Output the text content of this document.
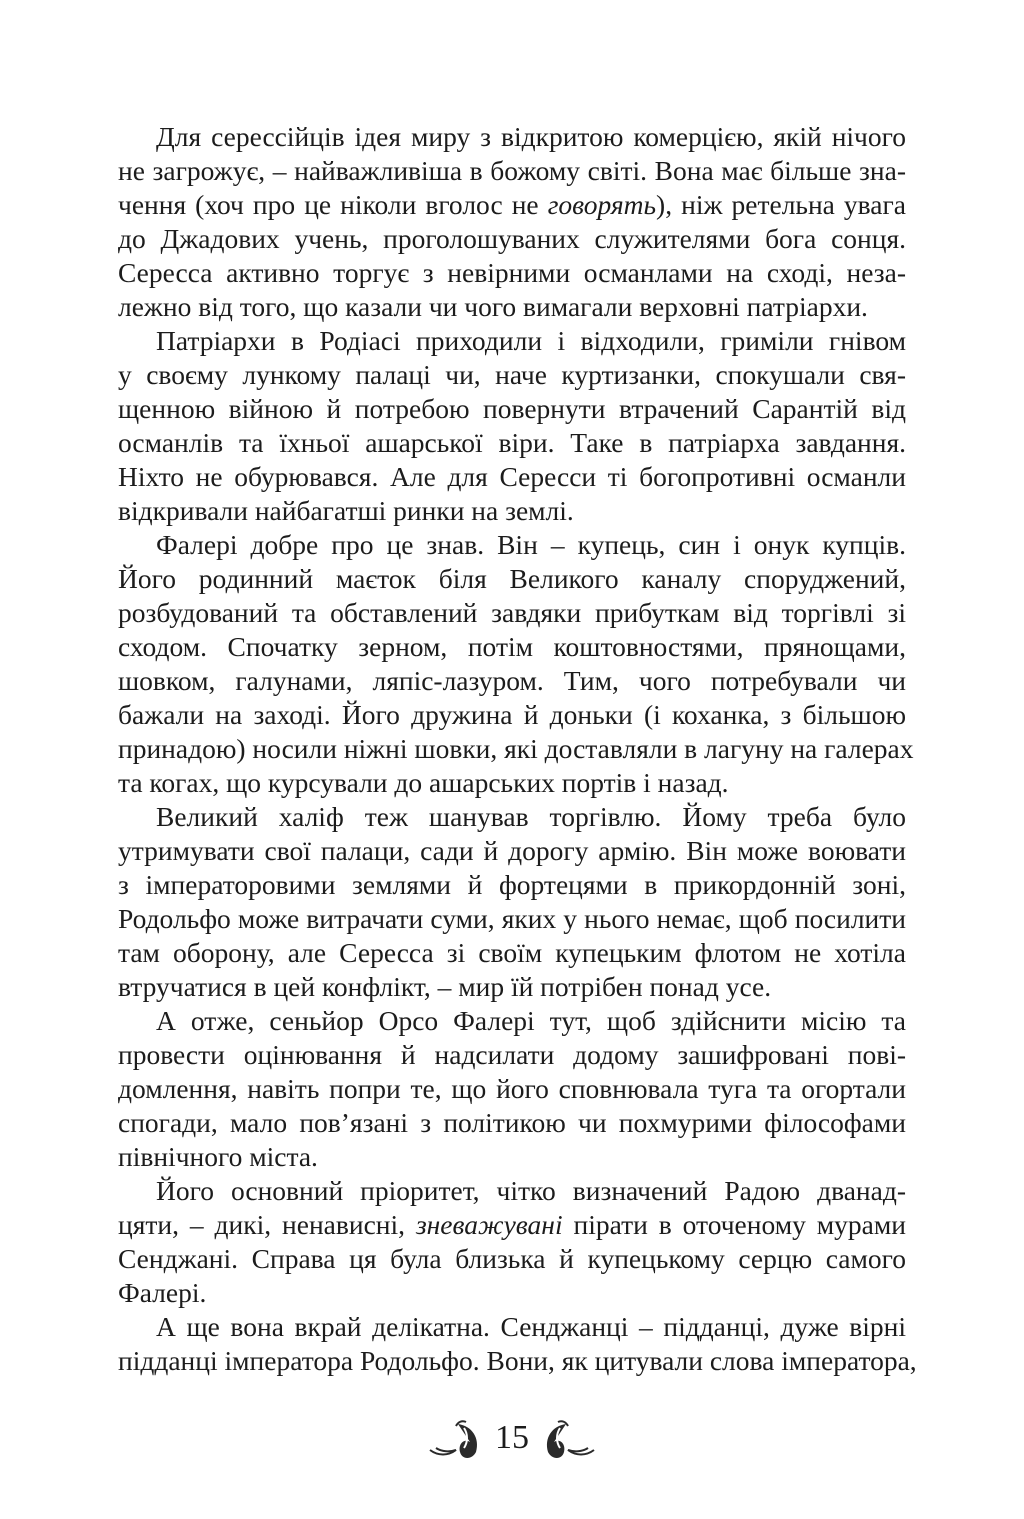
Для сересcійців ідея миру з відкритою комерцією, якій нічого
не загрожує, – найважливіша в божому світі. Вона має більше зна-
чення (хоч про це ніколи вголос не говорять), ніж ретельна увага
до Джадових учень, проголошуваних служителями бога сонця.
Сересса активно торгує з невірними османлами на сході, неза-
лежно від того, що казали чи чого вимагали верховні патріархи.
Патріархи в Родіасі приходили і відходили, гриміли гнівом
у своєму лункому палаці чи, наче куртизанки, спокушали свя-
щенною війною й потребою повернути втрачений Сарантій від
османлів та їхньої ашарської віри. Таке в патріарха завдання.
Ніхто не обурювався. Але для Сересси ті богопротивні османли
відкривали найбагатші ринки на землі.
Фалері добре про це знав. Він – купець, син і онук купців.
Його родинний маєток біля Великого каналу споруджений,
розбудований та обставлений завдяки прибуткам від торгівлі зі
сходом. Спочатку зерном, потім коштовностями, прянощами,
шовком, галунами, ляпіс-лазуром. Тим, чого потребували чи
бажали на заході. Його дружина й доньки (і коханка, з більшою
принадою) носили ніжні шовки, які доставляли в лагуну на галерах
та когах, що курсували до ашарських портів і назад.
Великий халіф теж шанував торгівлю. Йому треба було
утримувати свої палаци, сади й дорогу армію. Він може воювати
з імператоровими землями й фортецями в прикордонній зоні,
Родольфо може витрачати суми, яких у нього немає, щоб посилити
там оборону, але Сересса зі своїм купецьким флотом не хотіла
втручатися в цей конфлікт, – мир їй потрібен понад усе.
А отже, сеньйор Орсо Фалері тут, щоб здійснити місію та
провести оцінювання й надсилати додому зашифровані пові-
домлення, навіть попри те, що його сповнювала туга та огортали
спогади, мало пов’язані з політикою чи похмурими філософами
північного міста.
Його основний пріоритет, чітко визначений Радою дванад-
цяти, – дикі, ненависні, зневажувані пірати в оточеному мурами
Сенджані. Справа ця була близька й купецькому серцю самого
Фалері.
А ще вона вкрай делікатна. Сенджанці – підданці, дуже вірні
підданці імператора Родольфо. Вони, як цитували слова імператора,
15
